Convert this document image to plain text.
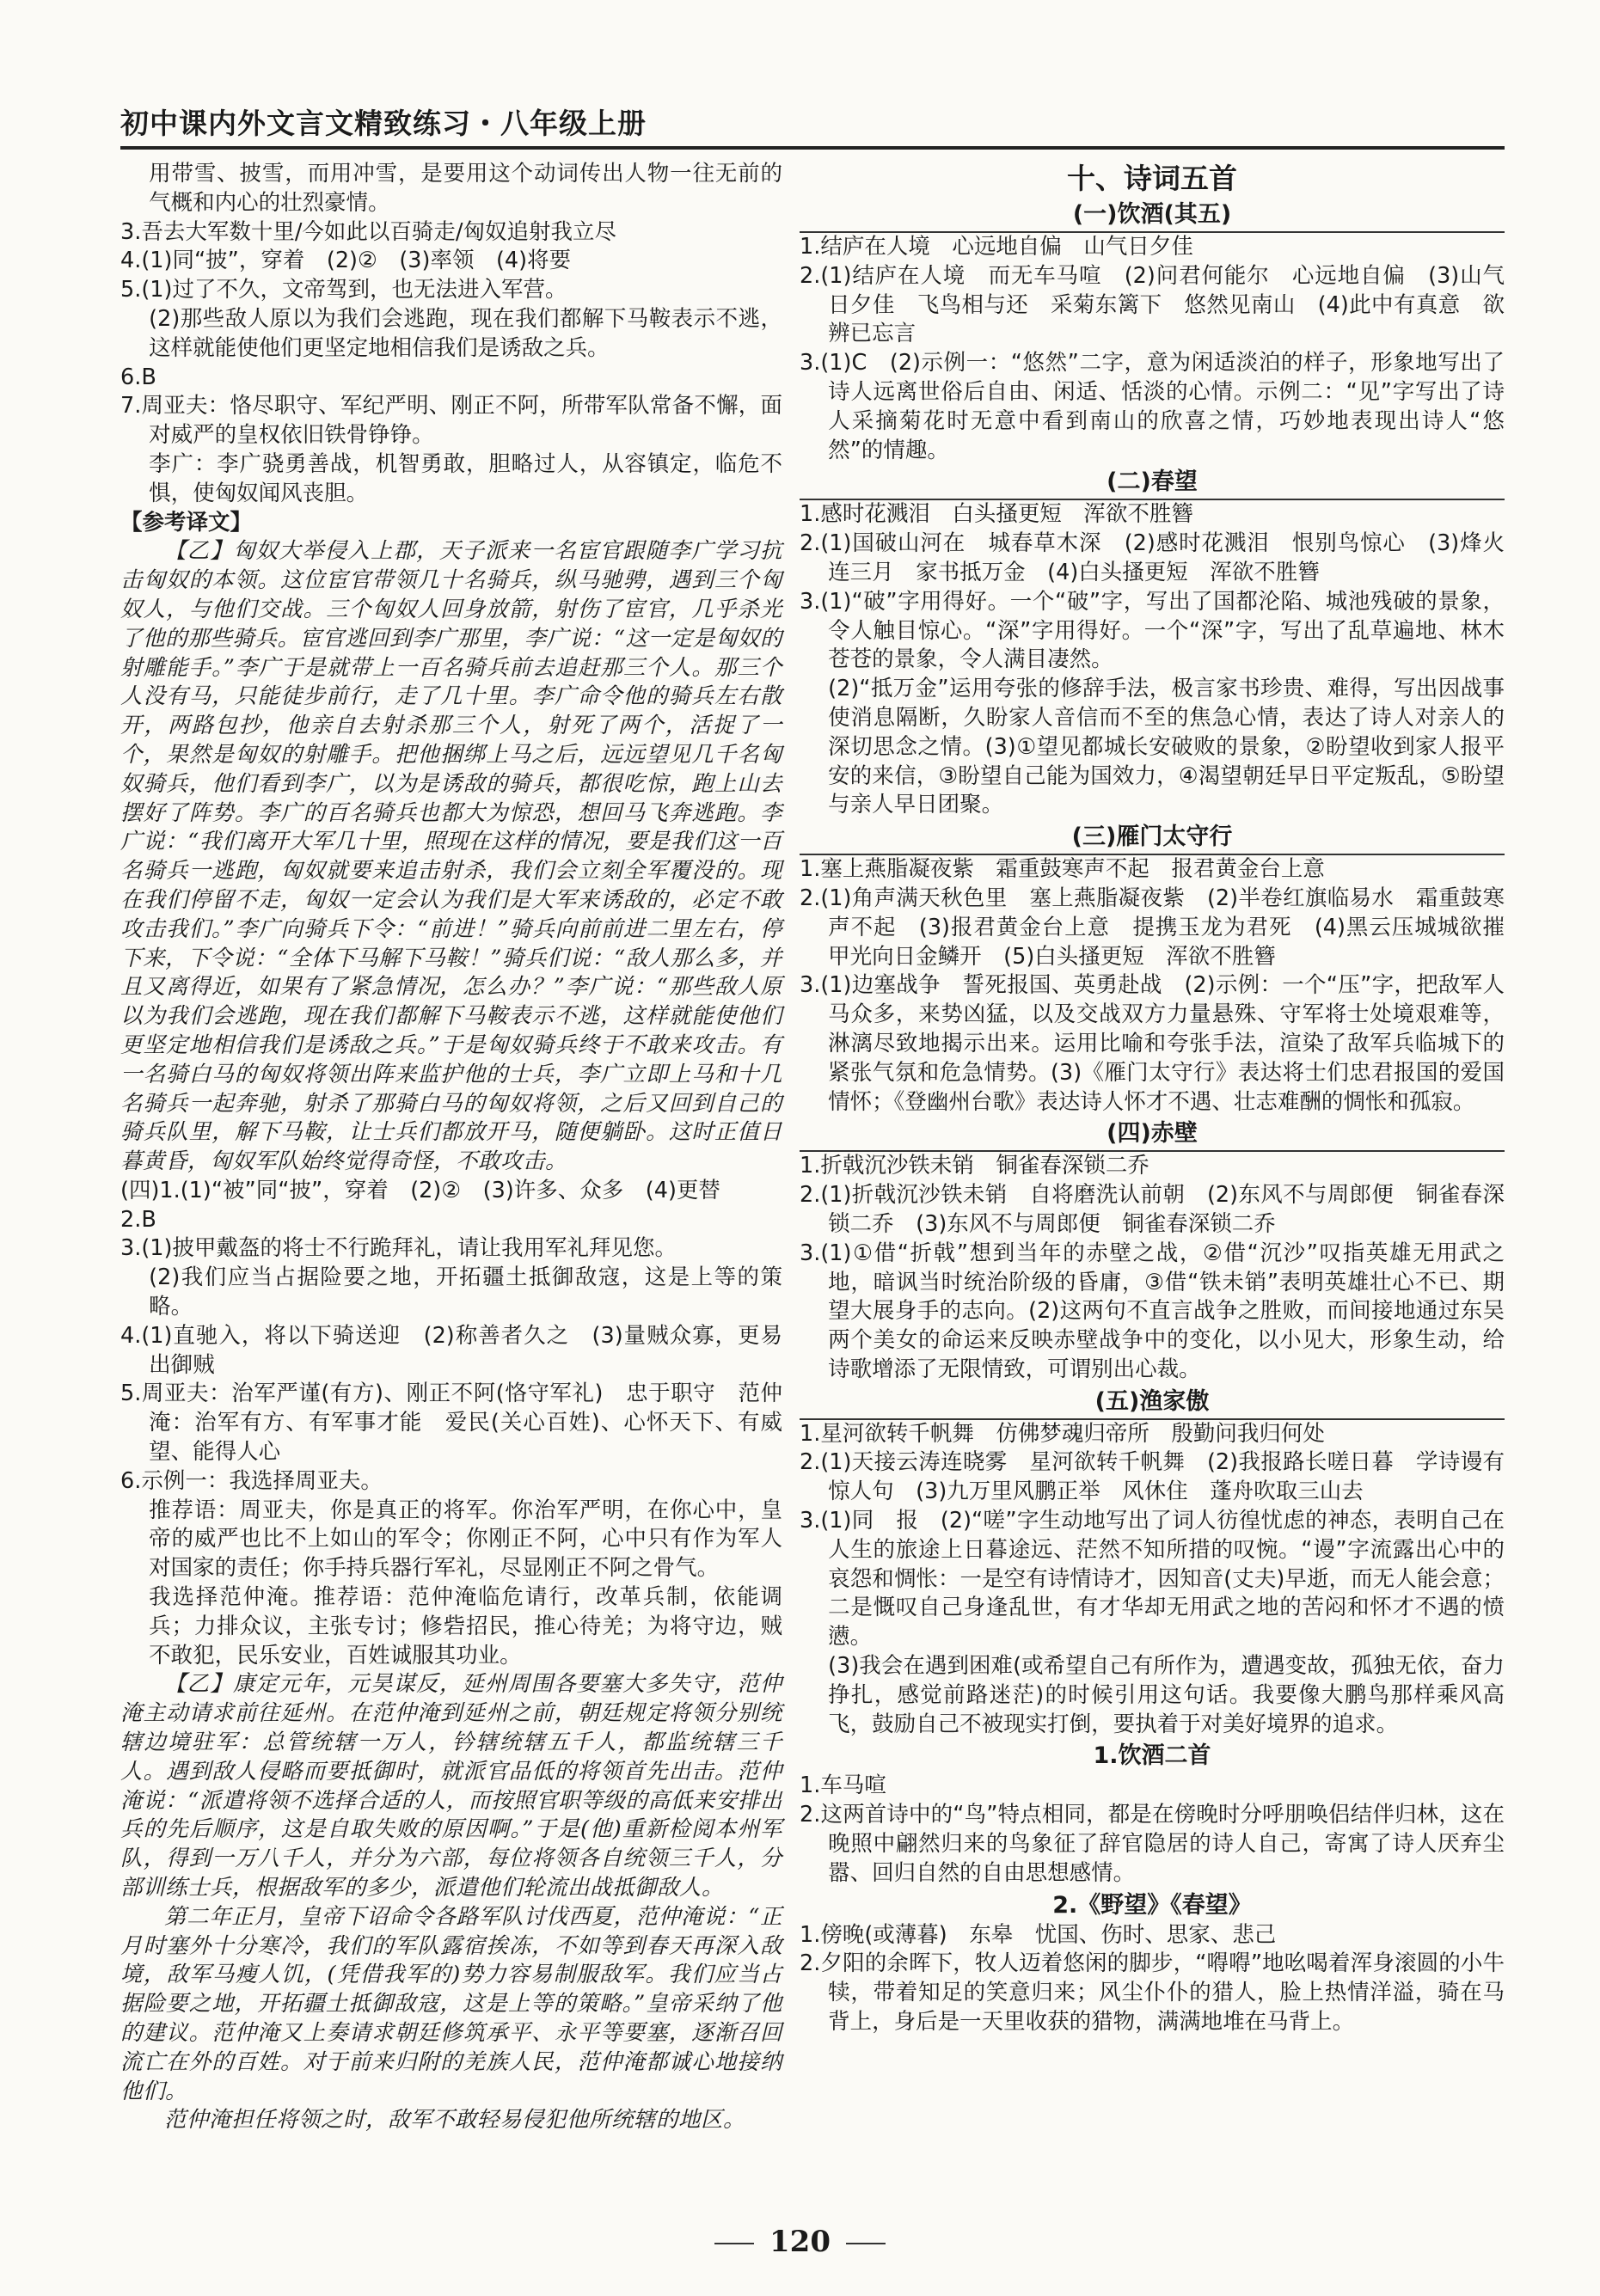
初中课内外文言文精致练习・八年级上册

用带雪、披雪，而用冲雪，是要用这个动词传出人物一往无前的气概和内心的壮烈豪情。

3.吾去大军数十里/今如此以百骑走/匈奴追射我立尽

4.(1)同“披”，穿着　(2)②　(3)率领　(4)将要

5.(1)过了不久，文帝驾到，也无法进入军营。

(2)那些敌人原以为我们会逃跑，现在我们都解下马鞍表示不逃，这样就能使他们更坚定地相信我们是诱敌之兵。

6.B

7.周亚夫：恪尽职守、军纪严明、刚正不阿，所带军队常备不懈，面对威严的皇权依旧铁骨铮铮。

李广：李广骁勇善战，机智勇敢，胆略过人，从容镇定，临危不惧，使匈奴闻风丧胆。

【参考译文】

【乙】匈奴大举侵入上郡，天子派来一名宦官跟随李广学习抗击匈奴的本领。这位宦官带领几十名骑兵，纵马驰骋，遇到三个匈奴人，与他们交战。三个匈奴人回身放箭，射伤了宦官，几乎杀光了他的那些骑兵。宦官逃回到李广那里，李广说：“这一定是匈奴的射雕能手。”李广于是就带上一百名骑兵前去追赶那三个人。那三个人没有马，只能徒步前行，走了几十里。李广命令他的骑兵左右散开，两路包抄，他亲自去射杀那三个人，射死了两个，活捉了一个，果然是匈奴的射雕手。把他捆绑上马之后，远远望见几千名匈奴骑兵，他们看到李广，以为是诱敌的骑兵，都很吃惊，跑上山去摆好了阵势。李广的百名骑兵也都大为惊恐，想回马飞奔逃跑。李广说：“我们离开大军几十里，照现在这样的情况，要是我们这一百名骑兵一逃跑，匈奴就要来追击射杀，我们会立刻全军覆没的。现在我们停留不走，匈奴一定会认为我们是大军来诱敌的，必定不敢攻击我们。”李广向骑兵下令：“前进！”骑兵向前前进二里左右，停下来，下令说：“全体下马解下马鞍！”骑兵们说：“敌人那么多，并且又离得近，如果有了紧急情况，怎么办？”李广说：“那些敌人原以为我们会逃跑，现在我们都解下马鞍表示不逃，这样就能使他们更坚定地相信我们是诱敌之兵。”于是匈奴骑兵终于不敢来攻击。有一名骑白马的匈奴将领出阵来监护他的士兵，李广立即上马和十几名骑兵一起奔驰，射杀了那骑白马的匈奴将领，之后又回到自己的骑兵队里，解下马鞍，让士兵们都放开马，随便躺卧。这时正值日暮黄昏，匈奴军队始终觉得奇怪，不敢攻击。

(四)1.(1)“被”同“披”，穿着　(2)②　(3)许多、众多　(4)更替

2.B

3.(1)披甲戴盔的将士不行跪拜礼，请让我用军礼拜见您。

(2)我们应当占据险要之地，开拓疆土抵御敌寇，这是上等的策略。

4.(1)直驰入，将以下骑送迎　(2)称善者久之　(3)量贼众寡，更易出御贼

5.周亚夫：治军严谨(有方)、刚正不阿(恪守军礼)　忠于职守　范仲淹：治军有方、有军事才能　爱民(关心百姓)、心怀天下、有威望、能得人心

6.示例一：我选择周亚夫。

推荐语：周亚夫，你是真正的将军。你治军严明，在你心中，皇帝的威严也比不上如山的军令；你刚正不阿，心中只有作为军人对国家的责任；你手持兵器行军礼，尽显刚正不阿之骨气。

我选择范仲淹。推荐语：范仲淹临危请行，改革兵制，依能调兵；力排众议，主张专讨；修砦招民，推心待羌；为将守边，贼不敢犯，民乐安业，百姓诚服其功业。

【乙】康定元年，元昊谋反，延州周围各要塞大多失守，范仲淹主动请求前往延州。在范仲淹到延州之前，朝廷规定将领分别统辖边境驻军：总管统辖一万人，钤辖统辖五千人，都监统辖三千人。遇到敌人侵略而要抵御时，就派官品低的将领首先出击。范仲淹说：“派遣将领不选择合适的人，而按照官职等级的高低来安排出兵的先后顺序，这是自取失败的原因啊。”于是(他)重新检阅本州军队，得到一万八千人，并分为六部，每位将领各自统领三千人，分部训练士兵，根据敌军的多少，派遣他们轮流出战抵御敌人。

第二年正月，皇帝下诏命令各路军队讨伐西夏，范仲淹说：“正月时塞外十分寒冷，我们的军队露宿挨冻，不如等到春天再深入敌境，敌军马瘦人饥，(凭借我军的)势力容易制服敌军。我们应当占据险要之地，开拓疆土抵御敌寇，这是上等的策略。”皇帝采纳了他的建议。范仲淹又上奏请求朝廷修筑承平、永平等要塞，逐渐召回流亡在外的百姓。对于前来归附的羌族人民，范仲淹都诚心地接纳他们。

范仲淹担任将领之时，敌军不敢轻易侵犯他所统辖的地区。

十、诗词五首

(一)饮酒(其五)

1.结庐在人境　心远地自偏　山气日夕佳

2.(1)结庐在人境　而无车马喧　(2)问君何能尔　心远地自偏　(3)山气日夕佳　飞鸟相与还　采菊东篱下　悠然见南山　(4)此中有真意　欲辨已忘言

3.(1)C　(2)示例一：“悠然”二字，意为闲适淡泊的样子，形象地写出了诗人远离世俗后自由、闲适、恬淡的心情。示例二：“见”字写出了诗人采摘菊花时无意中看到南山的欣喜之情，巧妙地表现出诗人“悠然”的情趣。

(二)春望

1.感时花溅泪　白头搔更短　浑欲不胜簪

2.(1)国破山河在　城春草木深　(2)感时花溅泪　恨别鸟惊心　(3)烽火连三月　家书抵万金　(4)白头搔更短　浑欲不胜簪

3.(1)“破”字用得好。一个“破”字，写出了国都沦陷、城池残破的景象，令人触目惊心。“深”字用得好。一个“深”字，写出了乱草遍地、林木苍苍的景象，令人满目凄然。

(2)“抵万金”运用夸张的修辞手法，极言家书珍贵、难得，写出因战事使消息隔断，久盼家人音信而不至的焦急心情，表达了诗人对亲人的深切思念之情。(3)①望见都城长安破败的景象，②盼望收到家人报平安的来信，③盼望自己能为国效力，④渴望朝廷早日平定叛乱，⑤盼望与亲人早日团聚。

(三)雁门太守行

1.塞上燕脂凝夜紫　霜重鼓寒声不起　报君黄金台上意

2.(1)角声满天秋色里　塞上燕脂凝夜紫　(2)半卷红旗临易水　霜重鼓寒声不起　(3)报君黄金台上意　提携玉龙为君死　(4)黑云压城城欲摧　甲光向日金鳞开　(5)白头搔更短　浑欲不胜簪

3.(1)边塞战争　誓死报国、英勇赴战　(2)示例：一个“压”字，把敌军人马众多，来势凶猛，以及交战双方力量悬殊、守军将士处境艰难等，淋漓尽致地揭示出来。运用比喻和夸张手法，渲染了敌军兵临城下的紧张气氛和危急情势。(3)《雁门太守行》表达将士们忠君报国的爱国情怀；《登幽州台歌》表达诗人怀才不遇、壮志难酬的惆怅和孤寂。

(四)赤壁

1.折戟沉沙铁未销　铜雀春深锁二乔

2.(1)折戟沉沙铁未销　自将磨洗认前朝　(2)东风不与周郎便　铜雀春深锁二乔　(3)东风不与周郎便　铜雀春深锁二乔

3.(1)①借“折戟”想到当年的赤壁之战，②借“沉沙”叹指英雄无用武之地，暗讽当时统治阶级的昏庸，③借“铁未销”表明英雄壮心不已、期望大展身手的志向。(2)这两句不直言战争之胜败，而间接地通过东吴两个美女的命运来反映赤壁战争中的变化，以小见大，形象生动，给诗歌增添了无限情致，可谓别出心裁。

(五)渔家傲

1.星河欲转千帆舞　仿佛梦魂归帝所　殷勤问我归何处

2.(1)天接云涛连晓雾　星河欲转千帆舞　(2)我报路长嗟日暮　学诗谩有惊人句　(3)九万里风鹏正举　风休住　蓬舟吹取三山去

3.(1)同　报　(2)“嗟”字生动地写出了词人彷徨忧虑的神态，表明自己在人生的旅途上日暮途远、茫然不知所措的叹惋。“谩”字流露出心中的哀怨和惆怅：一是空有诗情诗才，因知音(丈夫)早逝，而无人能会意；二是慨叹自己身逢乱世，有才华却无用武之地的苦闷和怀才不遇的愤懑。

(3)我会在遇到困难(或希望自己有所作为，遭遇变故，孤独无依，奋力挣扎，感觉前路迷茫)的时候引用这句话。我要像大鹏鸟那样乘风高飞，鼓励自己不被现实打倒，要执着于对美好境界的追求。

1.饮酒二首

1.车马喧

2.这两首诗中的“鸟”特点相同，都是在傍晚时分呼朋唤侣结伴归林，这在晚照中翩然归来的鸟象征了辞官隐居的诗人自己，寄寓了诗人厌弃尘嚣、回归自然的自由思想感情。

2.《野望》《春望》

1.傍晚(或薄暮)　东皋　忧国、伤时、思家、悲己

2.夕阳的余晖下，牧人迈着悠闲的脚步，“嘚嘚”地吆喝着浑身滚圆的小牛犊，带着知足的笑意归来；风尘仆仆的猎人，脸上热情洋溢，骑在马背上，身后是一天里收获的猎物，满满地堆在马背上。

120
